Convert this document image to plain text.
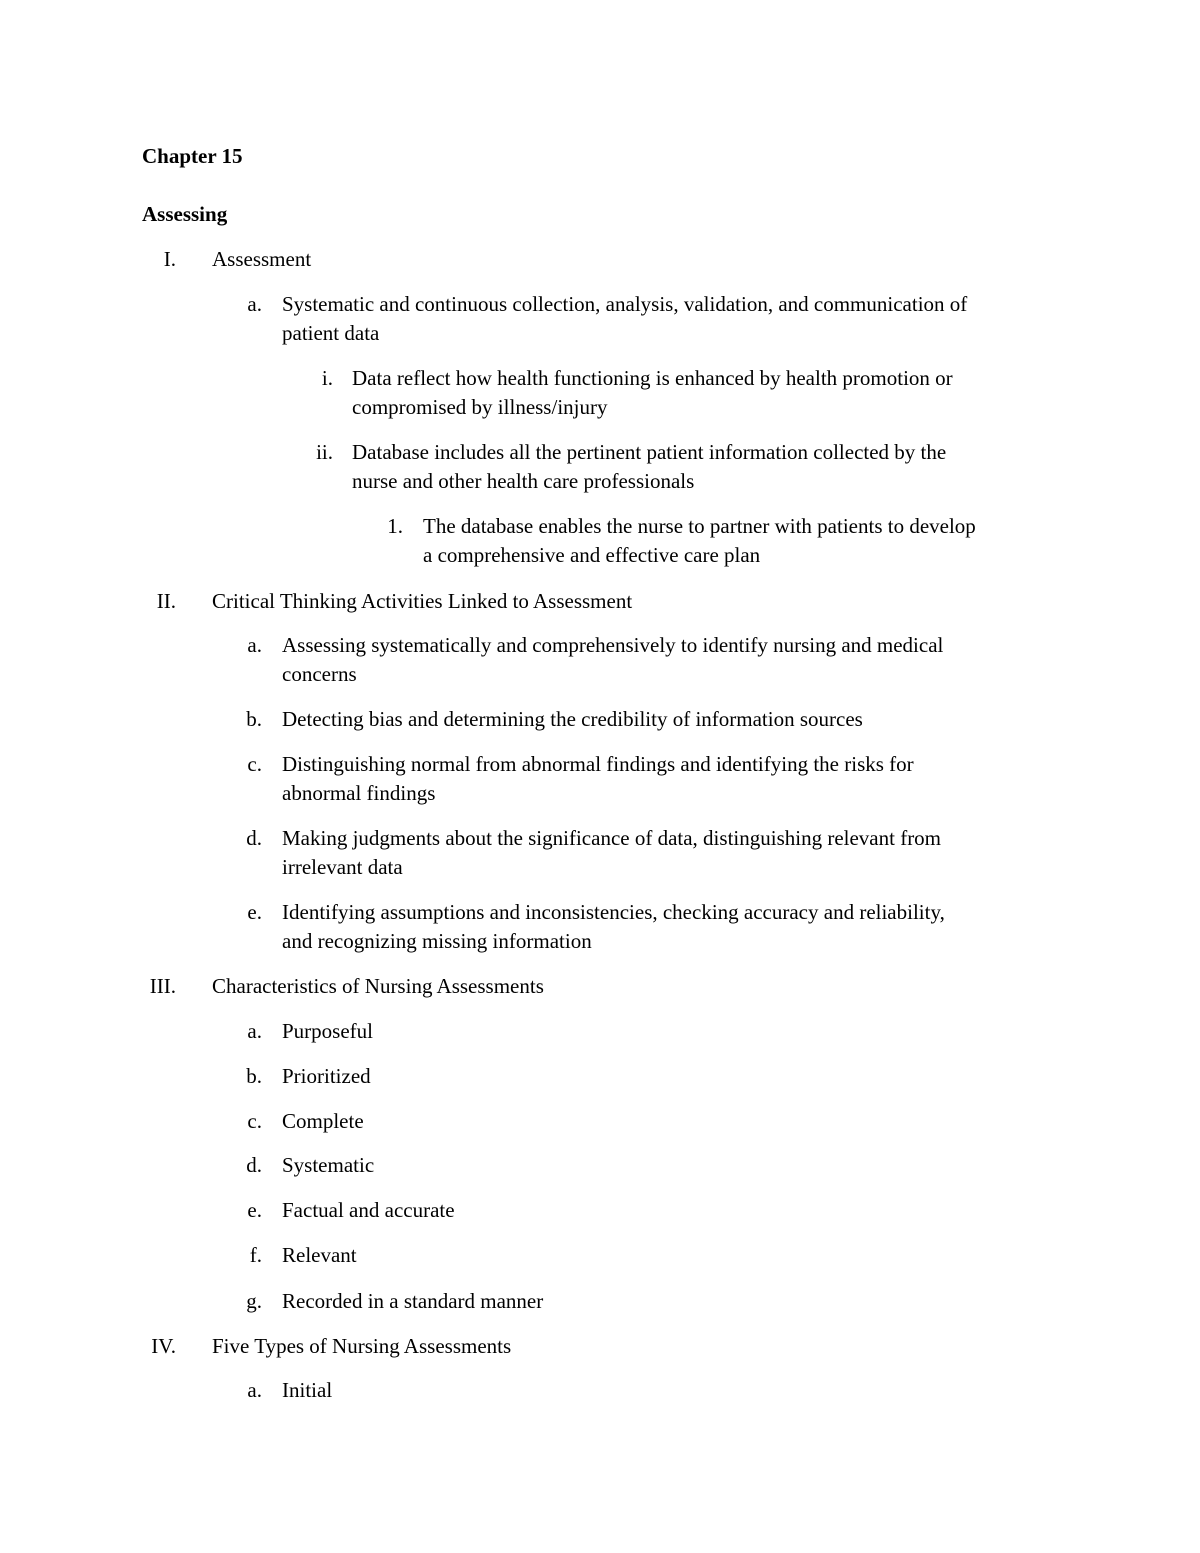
Chapter 15
Assessing
I. Assessment
a. Systematic and continuous collection, analysis, validation, and communication of
patient data
i. Data reflect how health functioning is enhanced by health promotion or
compromised by illness/injury
ii. Database includes all the pertinent patient information collected by the
nurse and other health care professionals
1. The database enables the nurse to partner with patients to develop
a comprehensive and effective care plan
II. Critical Thinking Activities Linked to Assessment
a. Assessing systematically and comprehensively to identify nursing and medical
concerns
b. Detecting bias and determining the credibility of information sources
c. Distinguishing normal from abnormal findings and identifying the risks for
abnormal findings
d. Making judgments about the significance of data, distinguishing relevant from
irrelevant data
e. Identifying assumptions and inconsistencies, checking accuracy and reliability,
and recognizing missing information
III. Characteristics of Nursing Assessments
a. Purposeful
b. Prioritized
c. Complete
d. Systematic
e. Factual and accurate
f. Relevant
g. Recorded in a standard manner
IV. Five Types of Nursing Assessments
a. Initial
